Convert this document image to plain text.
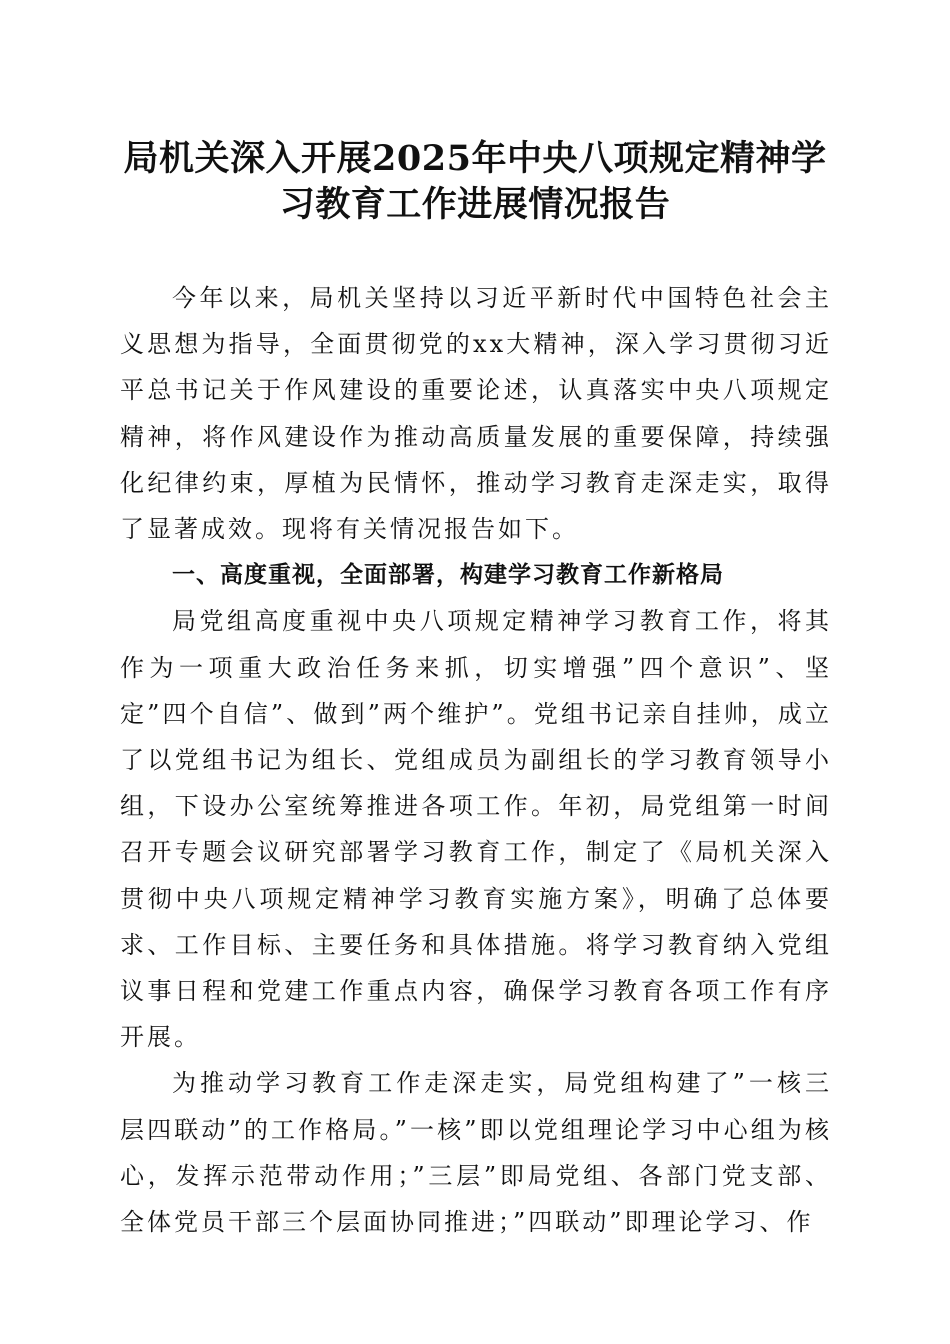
局机关深入开展2025年中央八项规定精神学
习教育工作进展情况报告

今年以来，局机关坚持以习近平新时代中国特色社会主义思想为指导，全面贯彻党的xx大精神，深入学习贯彻习近平总书记关于作风建设的重要论述，认真落实中央八项规定精神，将作风建设作为推动高质量发展的重要保障，持续强化纪律约束，厚植为民情怀，推动学习教育走深走实，取得了显著成效。现将有关情况报告如下。

一、高度重视，全面部署，构建学习教育工作新格局

局党组高度重视中央八项规定精神学习教育工作，将其作为一项重大政治任务来抓，切实增强”四个意识”、坚定”四个自信”、做到”两个维护”。党组书记亲自挂帅，成立了以党组书记为组长、党组成员为副组长的学习教育领导小组，下设办公室统筹推进各项工作。年初，局党组第一时间召开专题会议研究部署学习教育工作，制定了《局机关深入贯彻中央八项规定精神学习教育实施方案》，明确了总体要求、工作目标、主要任务和具体措施。将学习教育纳入党组议事日程和党建工作重点内容，确保学习教育各项工作有序开展。

为推动学习教育工作走深走实，局党组构建了”一核三层四联动”的工作格局。”一核”即以党组理论学习中心组为核心，发挥示范带动作用；”三层”即局党组、各部门党支部、全体党员干部三个层面协同推进；”四联动”即理论学习、作
